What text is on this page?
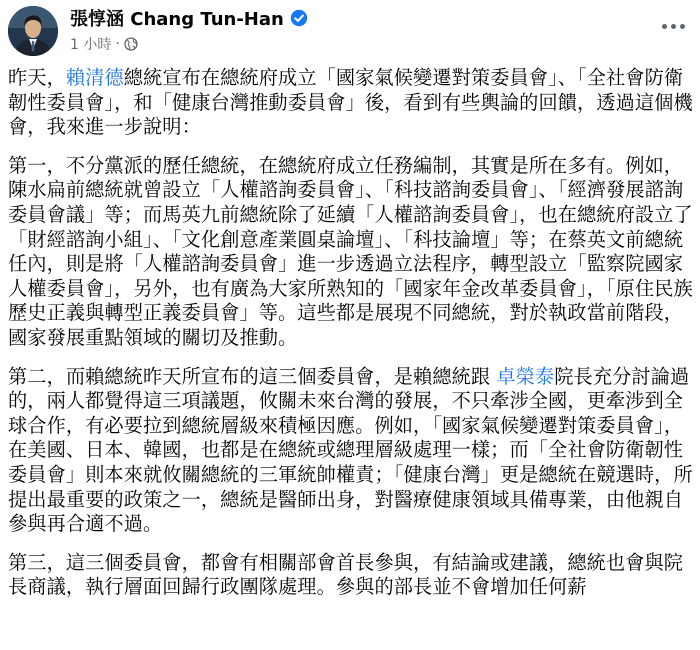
張惇涵 Chang Tun-Han
1 小時 ·

昨天，賴清德總統宣布在總統府成立「國家氣候變遷對策委員會」、「全社會防衛韌性委員會」，和「健康台灣推動委員會」後，看到有些輿論的回饋，透過這個機會，我來進一步說明：

第一，不分黨派的歷任總統，在總統府成立任務編制，其實是所在多有。例如，陳水扁前總統就曾設立「人權諮詢委員會」、「科技諮詢委員會」、「經濟發展諮詢委員會議」等；而馬英九前總統除了延續「人權諮詢委員會」，也在總統府設立了「財經諮詢小組」、「文化創意產業圓桌論壇」、「科技論壇」等；在蔡英文前總統任內，則是將「人權諮詢委員會」進一步透過立法程序，轉型設立「監察院國家人權委員會」，另外，也有廣為大家所熟知的「國家年金改革委員會」，「原住民族歷史正義與轉型正義委員會」等。這些都是展現不同總統，對於執政當前階段，國家發展重點領域的關切及推動。

第二，而賴總統昨天所宣布的這三個委員會，是賴總統跟 卓榮泰院長充分討論過的，兩人都覺得這三項議題，攸關未來台灣的發展，不只牽涉全國，更牽涉到全球合作，有必要拉到總統層級來積極因應。例如，「國家氣候變遷對策委員會」，在美國、日本、韓國，也都是在總統或總理層級處理一樣；而「全社會防衛韌性委員會」則本來就攸關總統的三軍統帥權責；「健康台灣」更是總統在競選時，所提出最重要的政策之一，總統是醫師出身，對醫療健康領域具備專業，由他親自參與再合適不過。

第三，這三個委員會，都會有相關部會首長參與，有結論或建議，總統也會與院長商議，執行層面回歸行政團隊處理。參與的部長並不會增加任何薪
